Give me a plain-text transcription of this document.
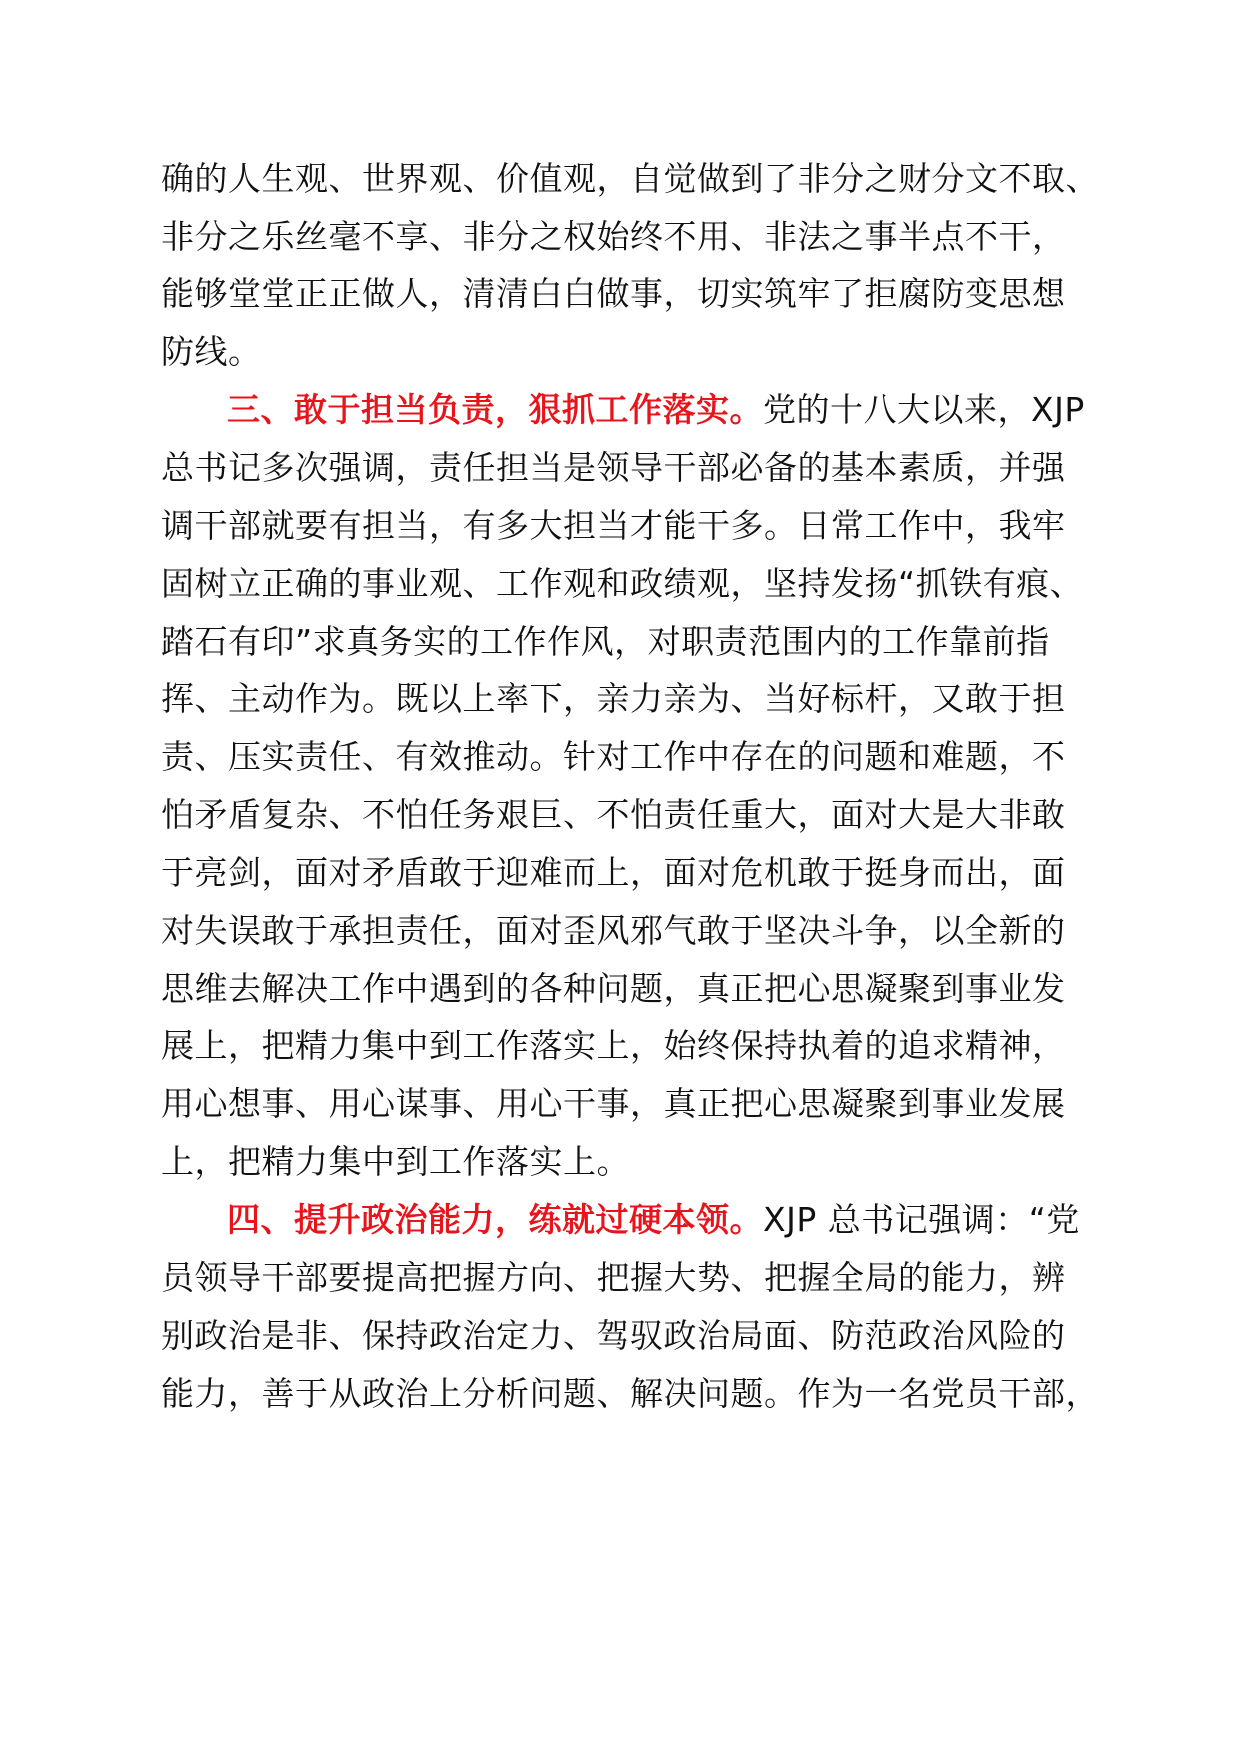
确的人生观、世界观、价值观，自觉做到了非分之财分文不取、
非分之乐丝毫不享、非分之权始终不用、非法之事半点不干，
能够堂堂正正做人，清清白白做事，切实筑牢了拒腐防变思想
防线。
三、敢于担当负责，狠抓工作落实。党的十八大以来，XJP
总书记多次强调，责任担当是领导干部必备的基本素质，并强
调干部就要有担当，有多大担当才能干多。日常工作中，我牢
固树立正确的事业观、工作观和政绩观，坚持发扬“抓铁有痕、
踏石有印”求真务实的工作作风，对职责范围内的工作靠前指
挥、主动作为。既以上率下，亲力亲为、当好标杆，又敢于担
责、压实责任、有效推动。针对工作中存在的问题和难题，不
怕矛盾复杂、不怕任务艰巨、不怕责任重大，面对大是大非敢
于亮剑，面对矛盾敢于迎难而上，面对危机敢于挺身而出，面
对失误敢于承担责任，面对歪风邪气敢于坚决斗争，以全新的
思维去解决工作中遇到的各种问题，真正把心思凝聚到事业发
展上，把精力集中到工作落实上，始终保持执着的追求精神，
用心想事、用心谋事、用心干事，真正把心思凝聚到事业发展
上，把精力集中到工作落实上。
四、提升政治能力，练就过硬本领。XJP 总书记强调：“党
员领导干部要提高把握方向、把握大势、把握全局的能力，辨
别政治是非、保持政治定力、驾驭政治局面、防范政治风险的
能力，善于从政治上分析问题、解决问题。作为一名党员干部，
